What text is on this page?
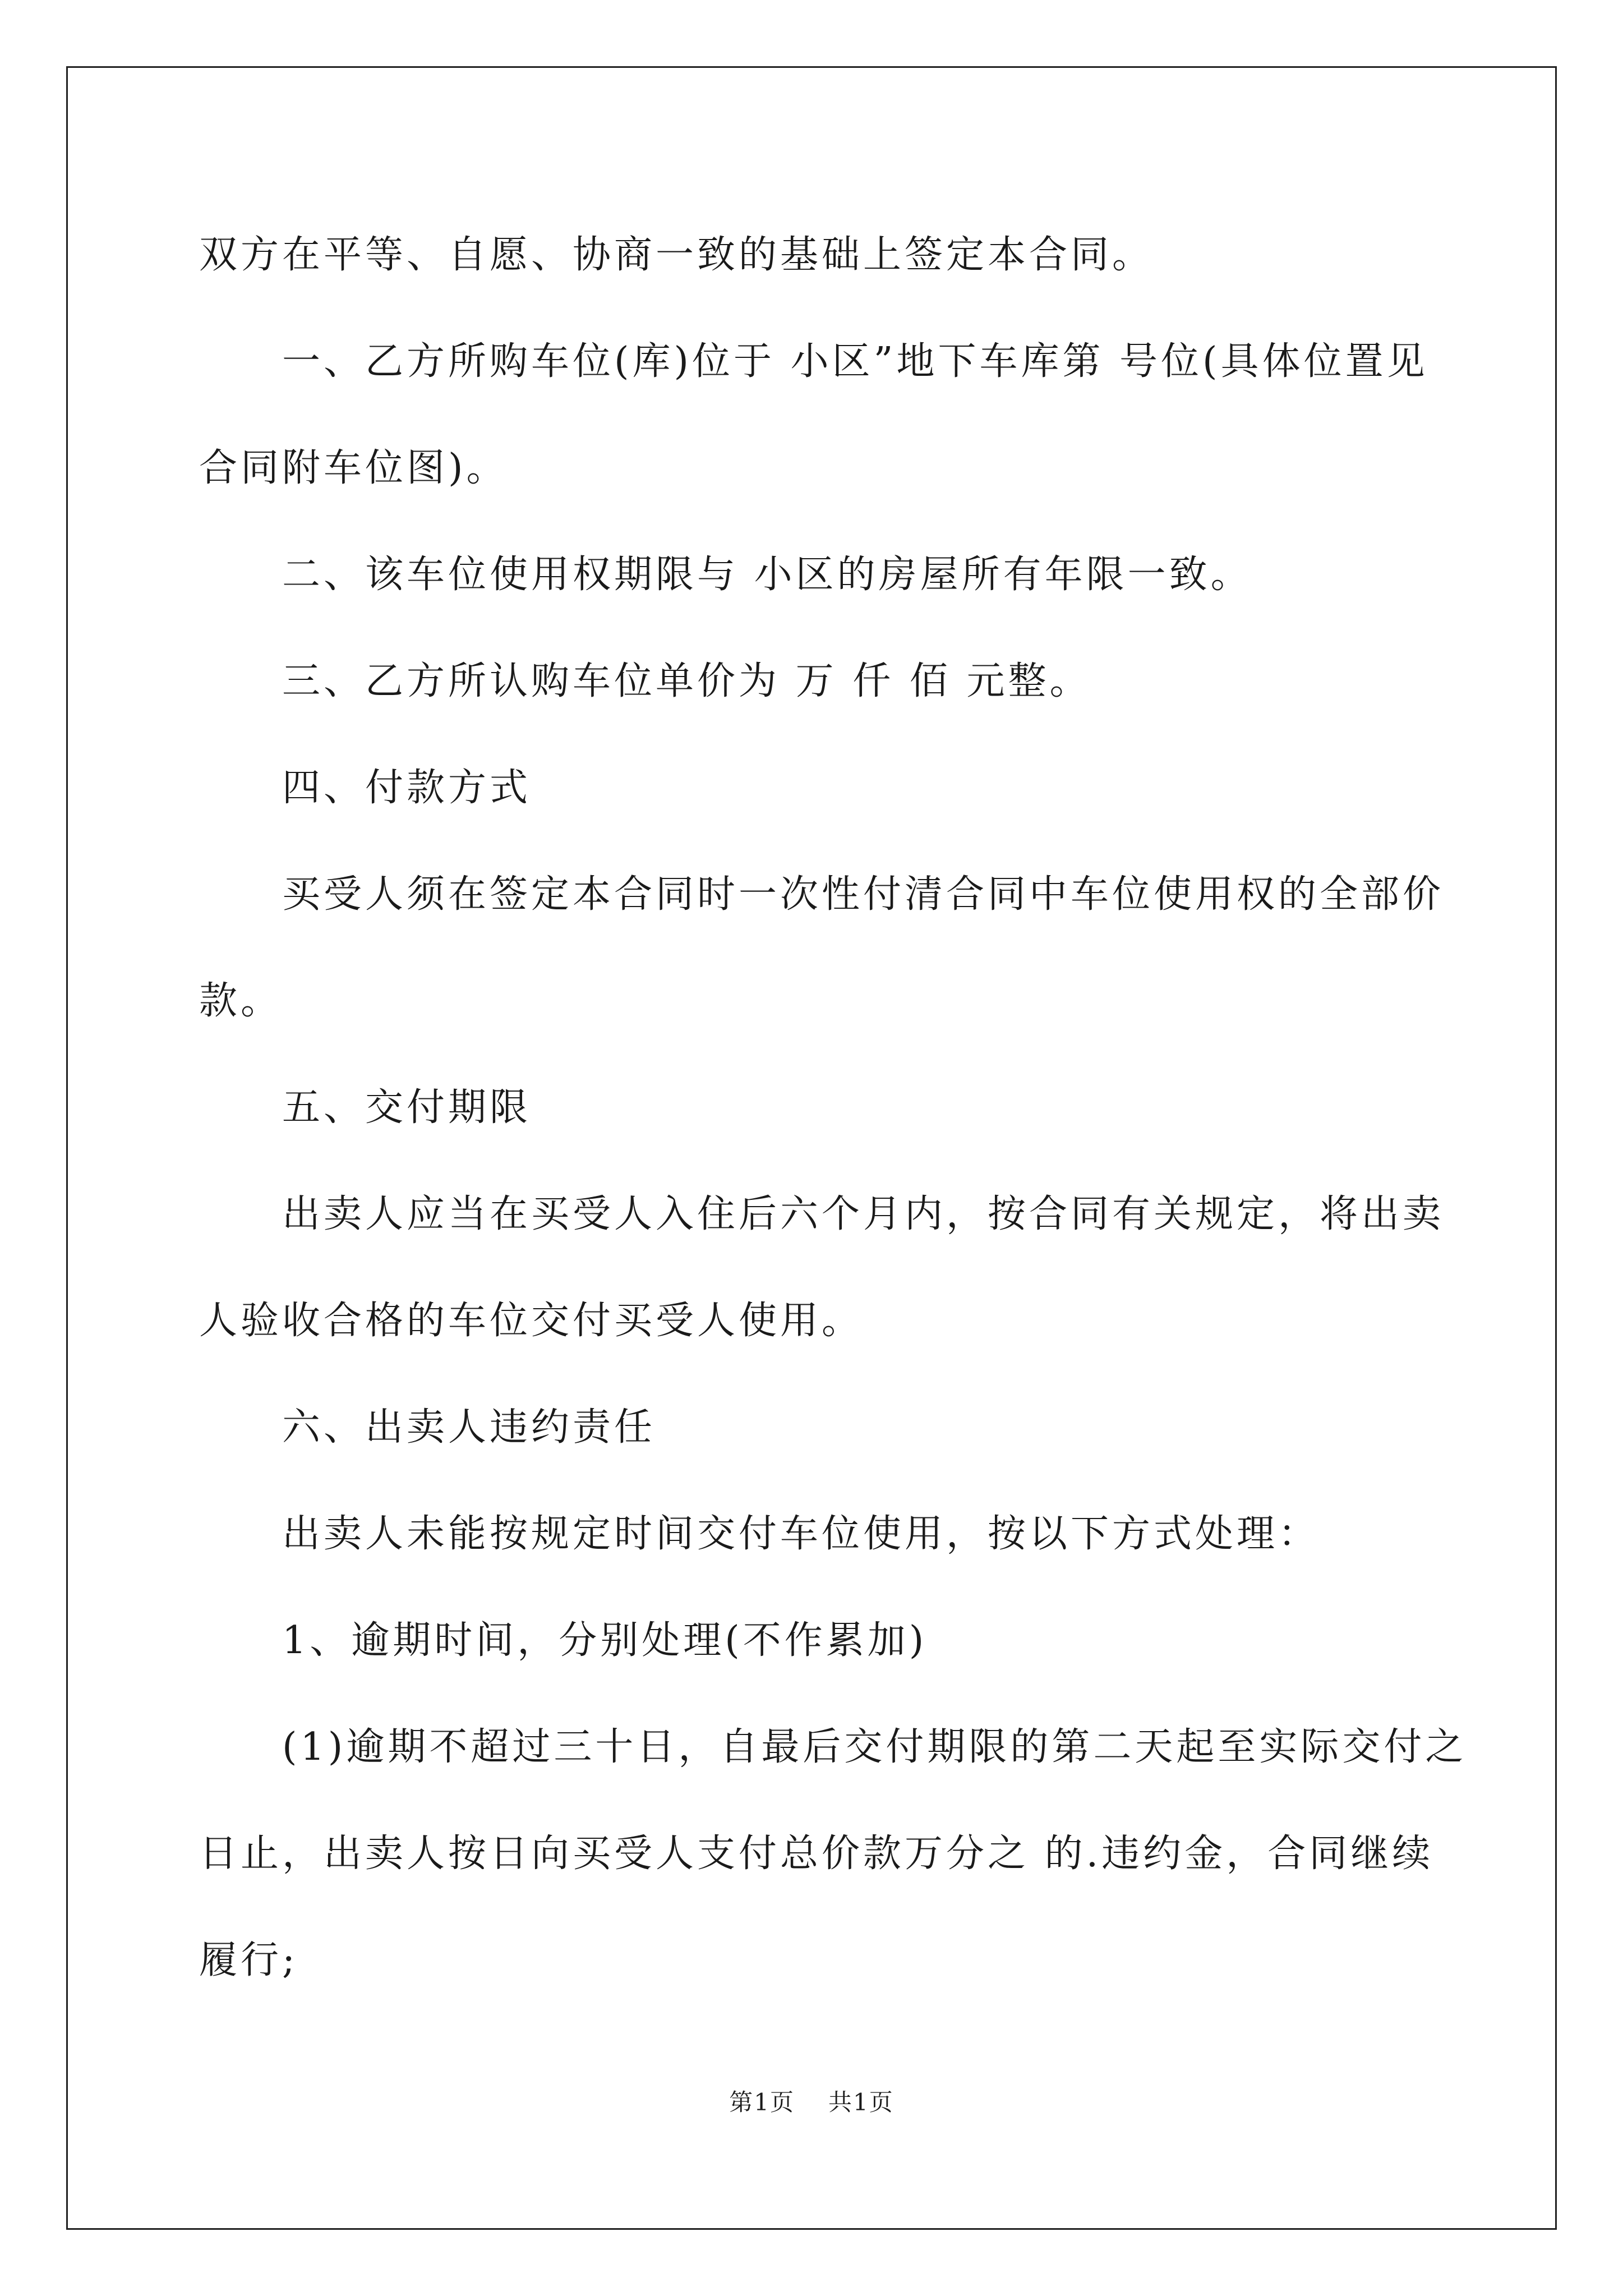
双方在平等、自愿、协商一致的基础上签定本合同。

一、乙方所购车位(库)位于 小区”地下车库第 号位(具体位置见

合同附车位图)。

二、该车位使用权期限与 小区的房屋所有年限一致。

三、乙方所认购车位单价为 万 仟 佰 元整。

四、付款方式

买受人须在签定本合同时一次性付清合同中车位使用权的全部价

款。

五、交付期限

出卖人应当在买受人入住后六个月内，按合同有关规定，将出卖

人验收合格的车位交付买受人使用。

六、出卖人违约责任

出卖人未能按规定时间交付车位使用，按以下方式处理：

1、逾期时间，分别处理(不作累加)

(1)逾期不超过三十日，自最后交付期限的第二天起至实际交付之

日止，出卖人按日向买受人支付总价款万分之 的.违约金，合同继续

履行;

第1页 共1页
